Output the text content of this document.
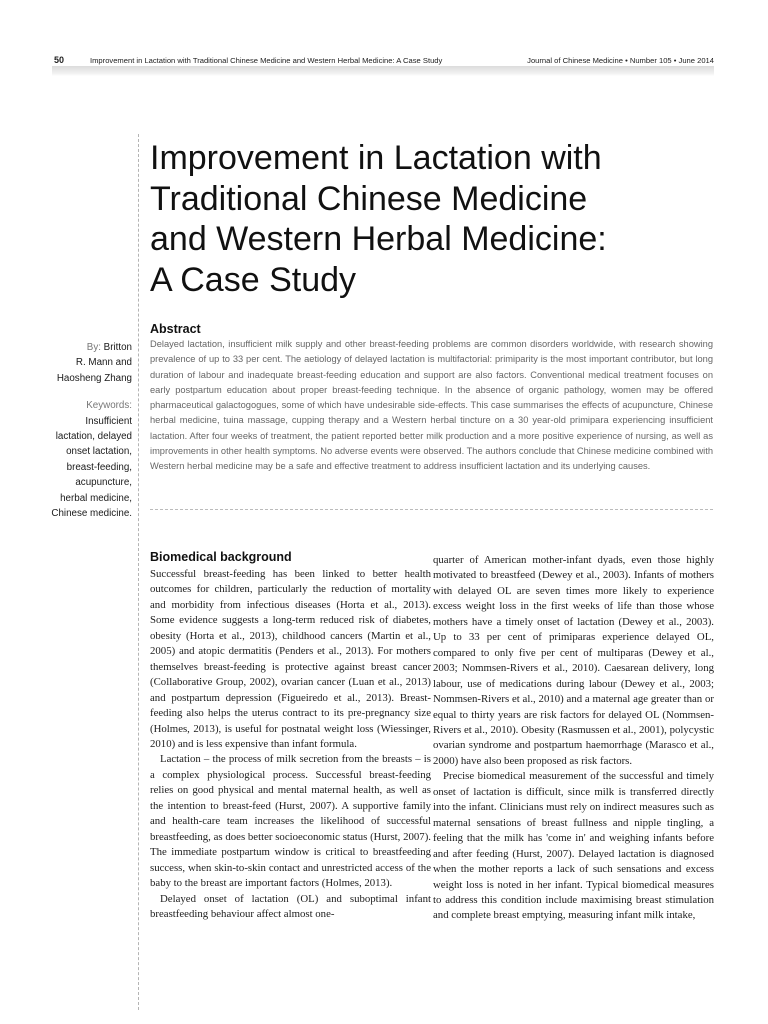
50	Improvement in Lactation with Traditional Chinese Medicine and Western Herbal Medicine: A Case Study	Journal of Chinese Medicine • Number 105 • June 2014
Improvement in Lactation with
Traditional Chinese Medicine
and Western Herbal Medicine:
A Case Study
By: Britton
R. Mann and
Haosheng Zhang
Keywords:
Insufficient
lactation, delayed
onset lactation,
breast-feeding,
acupuncture,
herbal medicine,
Chinese medicine.
Abstract

Delayed lactation, insufficient milk supply and other breast-feeding problems are common disorders worldwide, with research showing prevalence of up to 33 per cent. The aetiology of delayed lactation is multifactorial: primiparity is the most important contributor, but long duration of labour and inadequate breast-feeding education and support are also factors. Conventional medical treatment focuses on early postpartum education about proper breast-feeding technique. In the absence of organic pathology, women may be offered pharmaceutical galactogogues, some of which have undesirable side-effects. This case summarises the effects of acupuncture, Chinese herbal medicine, tuina massage, cupping therapy and a Western herbal tincture on a 30 year-old primipara experiencing insufficient lactation. After four weeks of treatment, the patient reported better milk production and a more positive experience of nursing, as well as improvements in other health symptoms. No adverse events were observed. The authors conclude that Chinese medicine combined with Western herbal medicine may be a safe and effective treatment to address insufficient lactation and its underlying causes.

Biomedical background

Successful breast-feeding has been linked to better health outcomes for children, particularly the reduction of mortality and morbidity from infectious diseases (Horta et al., 2013). Some evidence suggests a long-term reduced risk of diabetes, obesity (Horta et al., 2013), childhood cancers (Martin et al., 2005) and atopic dermatitis (Penders et al., 2013). For mothers themselves breast-feeding is protective against breast cancer (Collaborative Group, 2002), ovarian cancer (Luan et al., 2013) and postpartum depression (Figueiredo et al., 2013). Breast-feeding also helps the uterus contract to its pre-pregnancy size (Holmes, 2013), is useful for postnatal weight loss (Wiessinger, 2010) and is less expensive than infant formula.

Lactation – the process of milk secretion from the breasts – is a complex physiological process. Successful breast-feeding relies on good physical and mental maternal health, as well as the intention to breast-feed (Hurst, 2007). A supportive family and health-care team increases the likelihood of successful breastfeeding, as does better socioeconomic status (Hurst, 2007). The immediate postpartum window is critical to breastfeeding success, when skin-to-skin contact and unrestricted access of the baby to the breast are important factors (Holmes, 2013).

Delayed onset of lactation (OL) and suboptimal infant breastfeeding behaviour affect almost one-

quarter of American mother-infant dyads, even those highly motivated to breastfeed (Dewey et al., 2003). Infants of mothers with delayed OL are seven times more likely to experience excess weight loss in the first weeks of life than those whose mothers have a timely onset of lactation (Dewey et al., 2003). Up to 33 per cent of primiparas experience delayed OL, compared to only five per cent of multiparas (Dewey et al., 2003; Nommsen-Rivers et al., 2010). Caesarean delivery, long labour, use of medications during labour (Dewey et al., 2003; Nommsen-Rivers et al., 2010) and a maternal age greater than or equal to thirty years are risk factors for delayed OL (Nommsen-Rivers et al., 2010). Obesity (Rasmussen et al., 2001), polycystic ovarian syndrome and postpartum haemorrhage (Marasco et al., 2000) have also been proposed as risk factors.

Precise biomedical measurement of the successful and timely onset of lactation is difficult, since milk is transferred directly into the infant. Clinicians must rely on indirect measures such as maternal sensations of breast fullness and nipple tingling, a feeling that the milk has 'come in' and weighing infants before and after feeding (Hurst, 2007). Delayed lactation is diagnosed when the mother reports a lack of such sensations and excess weight loss is noted in her infant. Typical biomedical measures to address this condition include maximising breast stimulation and complete breast emptying, measuring infant milk intake,
